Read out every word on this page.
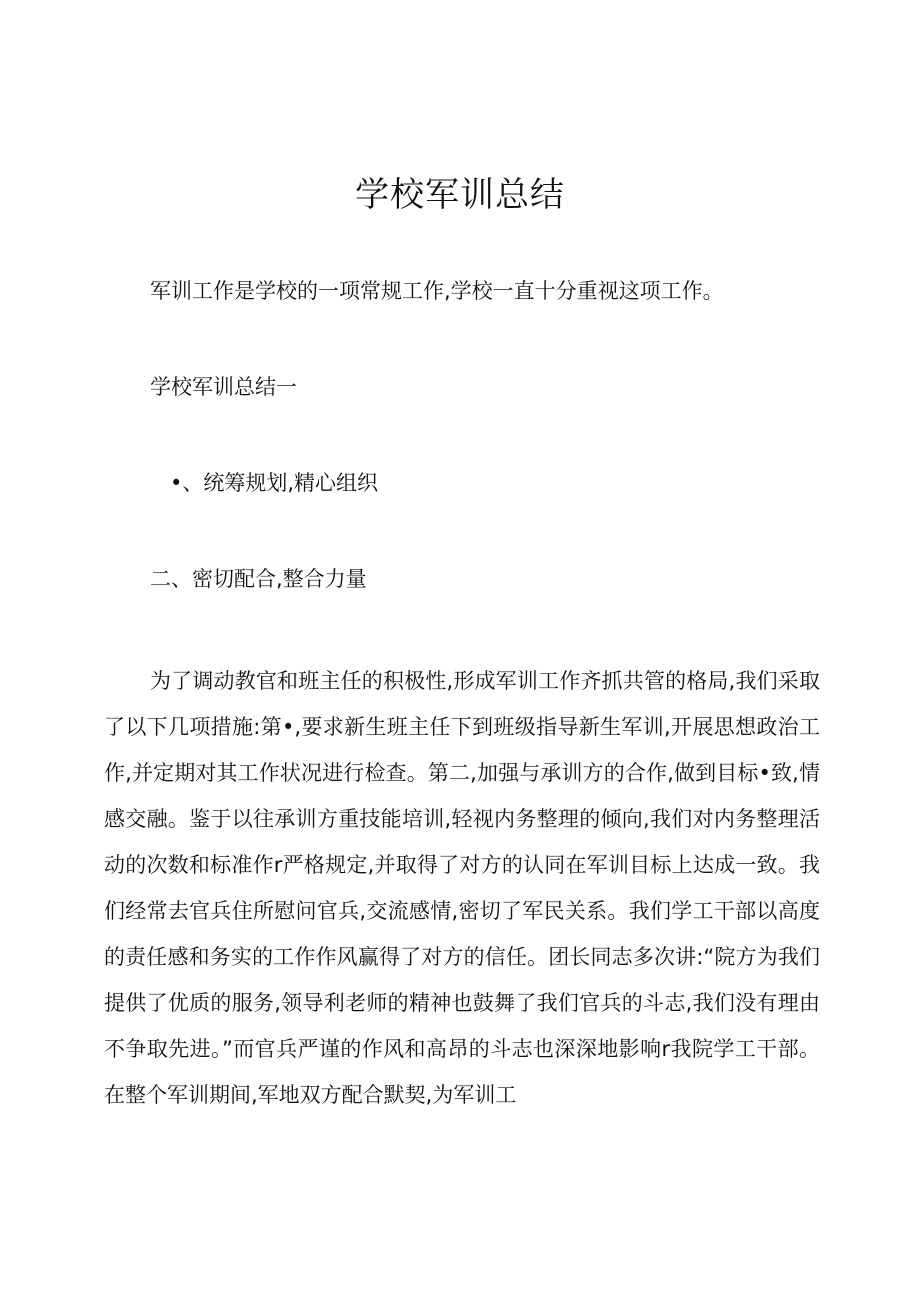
学校军训总结
军训工作是学校的一项常规工作,学校一直十分重视这项工作。
学校军训总结一
•、统筹规划,精心组织
二、密切配合,整合力量

为了调动教官和班主任的积极性,形成军训工作齐抓共管的格局,我们采取了以下几项措施:第•,要求新生班主任下到班级指导新生军训,开展思想政治工作,并定期对其工作状况进行检查。第二,加强与承训方的合作,做到目标•致,情感交融。鉴于以往承训方重技能培训,轻视内务整理的倾向,我们对内务整理活动的次数和标准作r严格规定,并取得了对方的认同在军训目标上达成一致。我们经常去官兵住所慰问官兵,交流感情,密切了军民关系。我们学工干部以高度的责任感和务实的工作作风赢得了对方的信任。团长同志多次讲:“院方为我们提供了优质的服务,领导利老师的精神也鼓舞了我们官兵的斗志,我们没有理由不争取先进。”而官兵严谨的作风和高昂的斗志也深深地影响r我院学工干部。在整个军训期间,军地双方配合默契,为军训工
